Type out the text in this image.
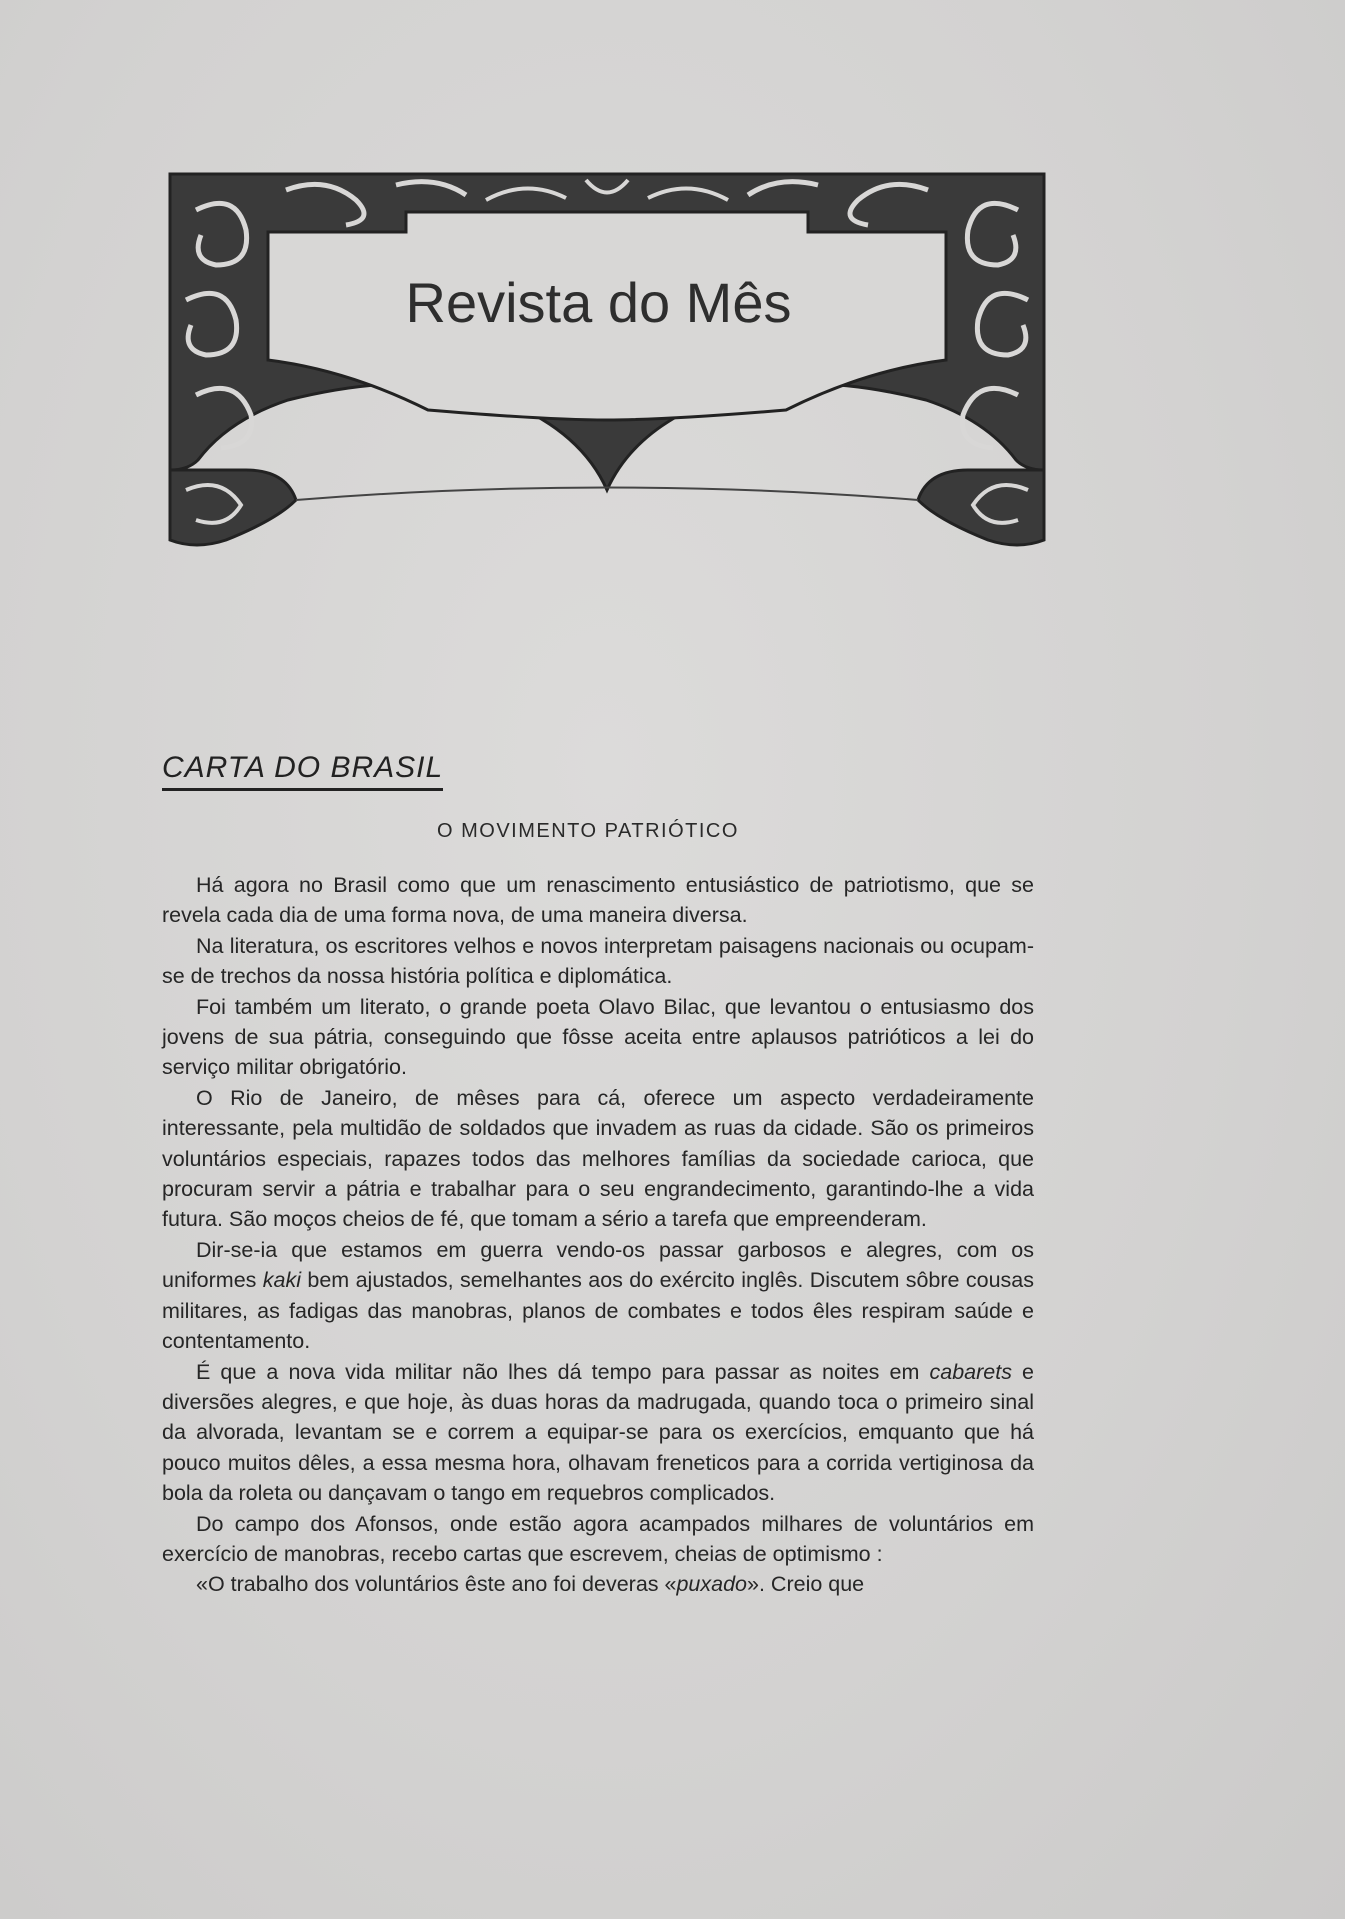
Revista do Mês
CARTA DO BRASIL
O MOVIMENTO PATRIÓTICO

Há agora no Brasil como que um renascimento entusiástico de patriotismo, que se revela cada dia de uma forma nova, de uma maneira diversa.

Na literatura, os escritores velhos e novos interpretam paisagens nacionais ou ocupam-se de trechos da nossa história política e diplomática.

Foi também um literato, o grande poeta Olavo Bilac, que levantou o entusiasmo dos jovens de sua pátria, conseguindo que fôsse aceita entre aplausos patrióticos a lei do serviço militar obrigatório.

O Rio de Janeiro, de mêses para cá, oferece um aspecto verdadeiramente interessante, pela multidão de soldados que invadem as ruas da cidade. São os primeiros voluntários especiais, rapazes todos das melhores famílias da sociedade carioca, que procuram servir a pátria e trabalhar para o seu engrandecimento, garantindo-lhe a vida futura. São moços cheios de fé, que tomam a sério a tarefa que empreenderam.

Dir-se-ia que estamos em guerra vendo-os passar garbosos e alegres, com os uniformes kaki bem ajustados, semelhantes aos do exército inglês. Discutem sôbre cousas militares, as fadigas das manobras, planos de combates e todos êles respiram saúde e contentamento.

É que a nova vida militar não lhes dá tempo para passar as noites em cabarets e diversões alegres, e que hoje, às duas horas da madrugada, quando toca o primeiro sinal da alvorada, levantam se e correm a equipar-se para os exercícios, emquanto que há pouco muitos dêles, a essa mesma hora, olhavam freneticos para a corrida vertiginosa da bola da roleta ou dançavam o tango em requebros complicados.

Do campo dos Afonsos, onde estão agora acampados milhares de voluntários em exercício de manobras, recebo cartas que escrevem, cheias de optimismo :

«O trabalho dos voluntários êste ano foi deveras «puxado». Creio que
